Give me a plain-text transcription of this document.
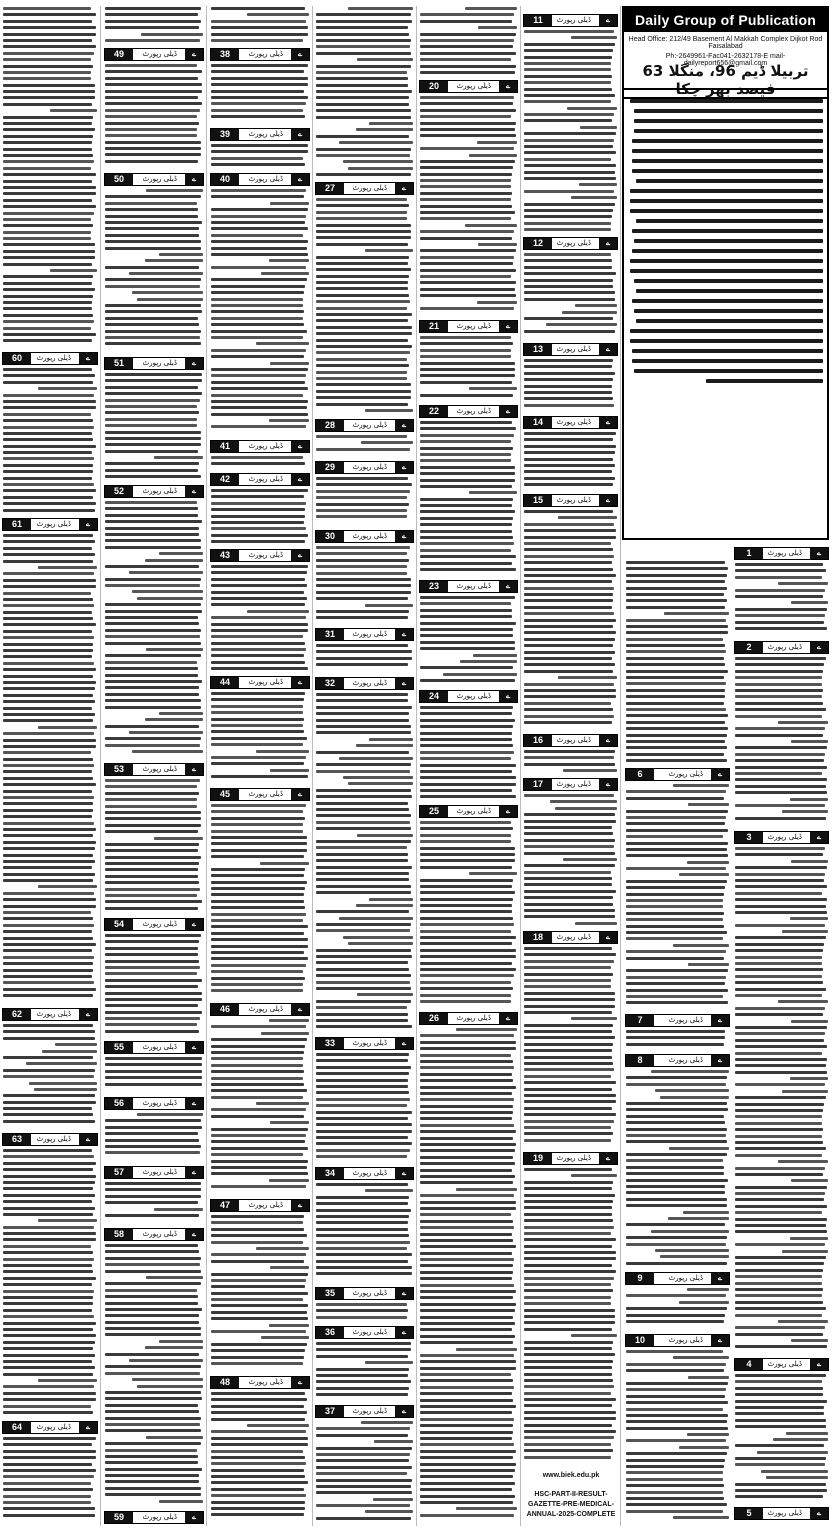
Daily Group of Publication
Head Office: 212/49 Basement Al Makkah Complex Dijkot Rod Faisalabad
Ph:-2649961-Fac041-2632178-E mail-dailyreport656@gmail.com
تربیلا ڈیم 96، منگلا 63 فیصد بھر چکا
www.biek.edu.pk
HSC-PART-II-RESULT-GAZETTE-PRE-MEDICAL-ANNUAL-2025-COMPLETE
11	ڈیلی رپورٹ	ے
12	ڈیلی رپورٹ	ے
13	ڈیلی رپورٹ	ے
14	ڈیلی رپورٹ	ے
15	ڈیلی رپورٹ	ے
16	ڈیلی رپورٹ	ے
17	ڈیلی رپورٹ	ے
18	ڈیلی رپورٹ	ے
19	ڈیلی رپورٹ	ے
20	ڈیلی رپورٹ	ے
21	ڈیلی رپورٹ	ے
22	ڈیلی رپورٹ	ے
23	ڈیلی رپورٹ	ے
24	ڈیلی رپورٹ	ے
25	ڈیلی رپورٹ	ے
26	ڈیلی رپورٹ	ے
27	ڈیلی رپورٹ	ے
28	ڈیلی رپورٹ	ے
29	ڈیلی رپورٹ	ے
30	ڈیلی رپورٹ	ے
31	ڈیلی رپورٹ	ے
32	ڈیلی رپورٹ	ے
33	ڈیلی رپورٹ	ے
34	ڈیلی رپورٹ	ے
35	ڈیلی رپورٹ	ے
36	ڈیلی رپورٹ	ے
37	ڈیلی رپورٹ	ے
38	ڈیلی رپورٹ	ے
39	ڈیلی رپورٹ	ے
40	ڈیلی رپورٹ	ے
41	ڈیلی رپورٹ	ے
42	ڈیلی رپورٹ	ے
43	ڈیلی رپورٹ	ے
44	ڈیلی رپورٹ	ے
45	ڈیلی رپورٹ	ے
46	ڈیلی رپورٹ	ے
47	ڈیلی رپورٹ	ے
48	ڈیلی رپورٹ	ے
49	ڈیلی رپورٹ	ے
50	ڈیلی رپورٹ	ے
51	ڈیلی رپورٹ	ے
52	ڈیلی رپورٹ	ے
53	ڈیلی رپورٹ	ے
54	ڈیلی رپورٹ	ے
55	ڈیلی رپورٹ	ے
56	ڈیلی رپورٹ	ے
57	ڈیلی رپورٹ	ے
58	ڈیلی رپورٹ	ے
59	ڈیلی رپورٹ	ے
60	ڈیلی رپورٹ	ے
61	ڈیلی رپورٹ	ے
62	ڈیلی رپورٹ	ے
63	ڈیلی رپورٹ	ے
64	ڈیلی رپورٹ	ے
1	ڈیلی رپورٹ	ے
2	ڈیلی رپورٹ	ے
3	ڈیلی رپورٹ	ے
4	ڈیلی رپورٹ	ے
5	ڈیلی رپورٹ	ے
6	ڈیلی رپورٹ	ے
7	ڈیلی رپورٹ	ے
8	ڈیلی رپورٹ	ے
9	ڈیلی رپورٹ	ے
10	ڈیلی رپورٹ	ے
